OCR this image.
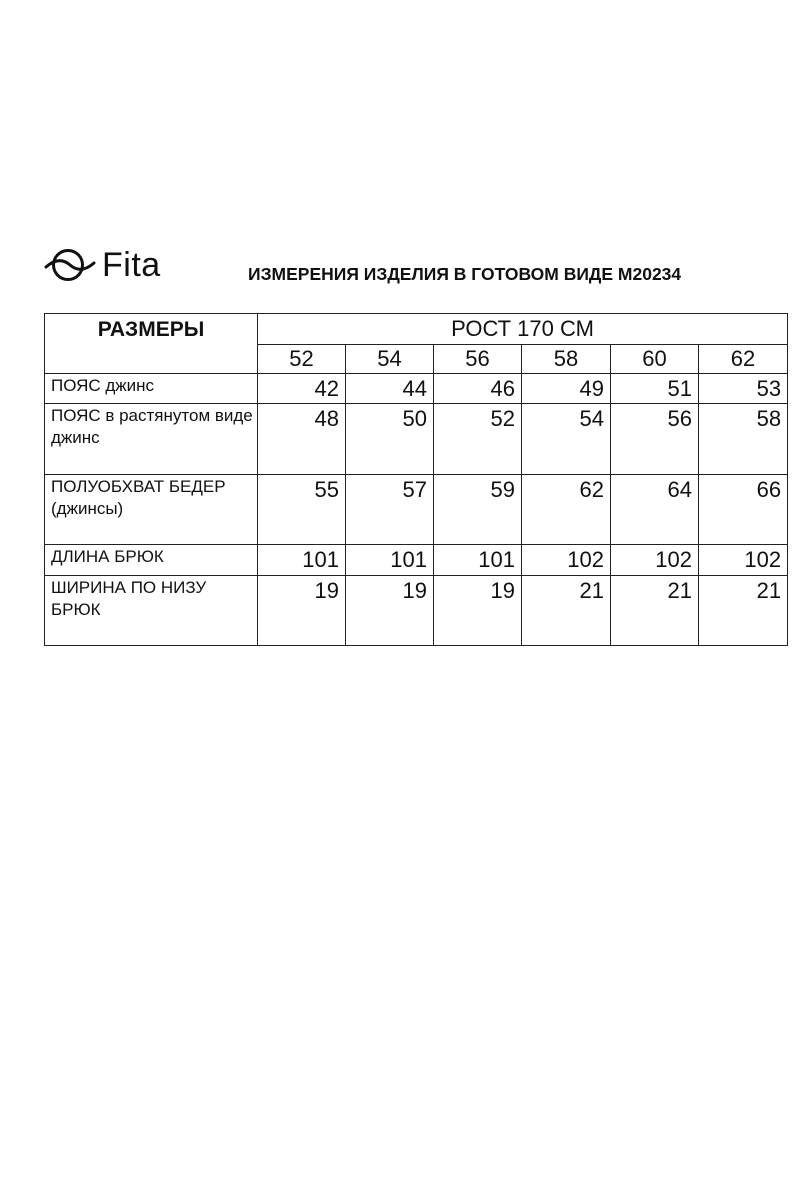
Fita	ИЗМЕРЕНИЯ ИЗДЕЛИЯ В ГОТОВОМ ВИДЕ М20234
РАЗМЕРЫ	РОСТ 170 СМ					
	52	54	56	58	60	62
ПОЯС джинс	42	44	46	49	51	53
ПОЯС в растянутом виде джинс	48	50	52	54	56	58
ПОЛУОБХВАТ БЕДЕР (джинсы)	55	57	59	62	64	66
ДЛИНА БРЮК	101	101	101	102	102	102
ШИРИНА ПО НИЗУ БРЮК	19	19	19	21	21	21
